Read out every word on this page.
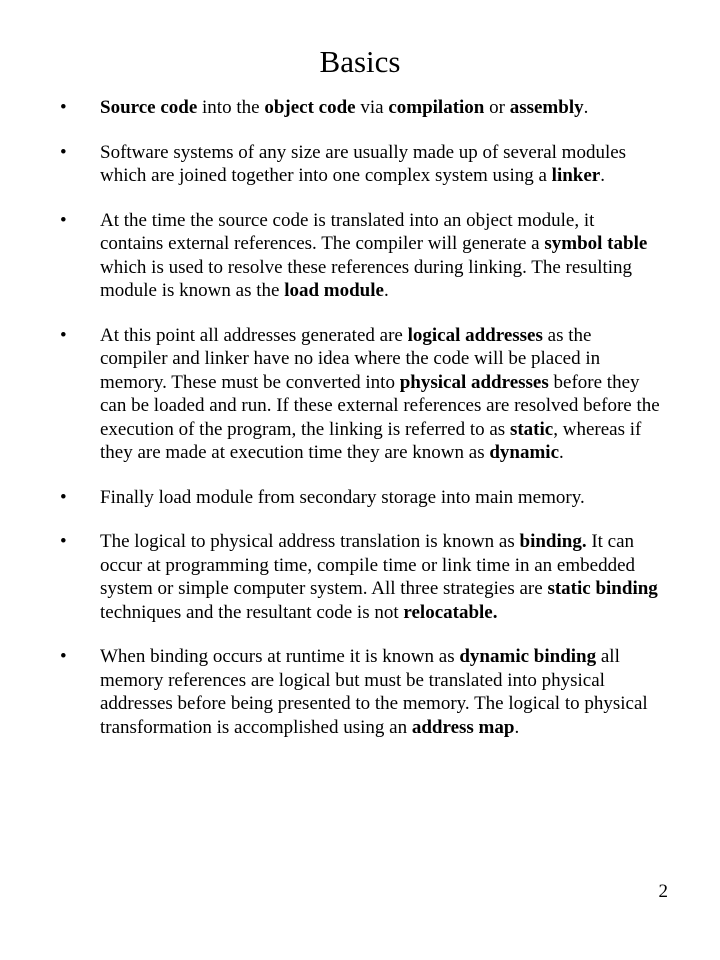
Basics
•	Source code into the object code via compilation or assembly.
•	Software systems of any size are usually made up of several modules which are joined together into one complex system using a linker.
•	At the time the source code is translated into an object module, it contains external references. The compiler will generate a symbol table which is used to resolve these references during linking. The resulting module is known as the load module.
•	At this point all addresses generated are logical addresses as the compiler and linker have no idea where the code will be placed in memory. These must be converted into physical addresses before they can be loaded and run. If these external references are resolved before the execution of the program, the linking is referred to as static, whereas if they are made at execution time they are known as dynamic.
•	Finally load module from secondary storage into main memory.
•	The logical to physical address translation is known as binding. It can occur at programming time, compile time or link time in an embedded system or simple computer system. All three strategies are static binding techniques and the resultant code is not relocatable.
•	When binding occurs at runtime it is known as dynamic binding all memory references are logical but must be translated into physical addresses before being presented to the memory. The logical to physical transformation is accomplished using an address map.
2
